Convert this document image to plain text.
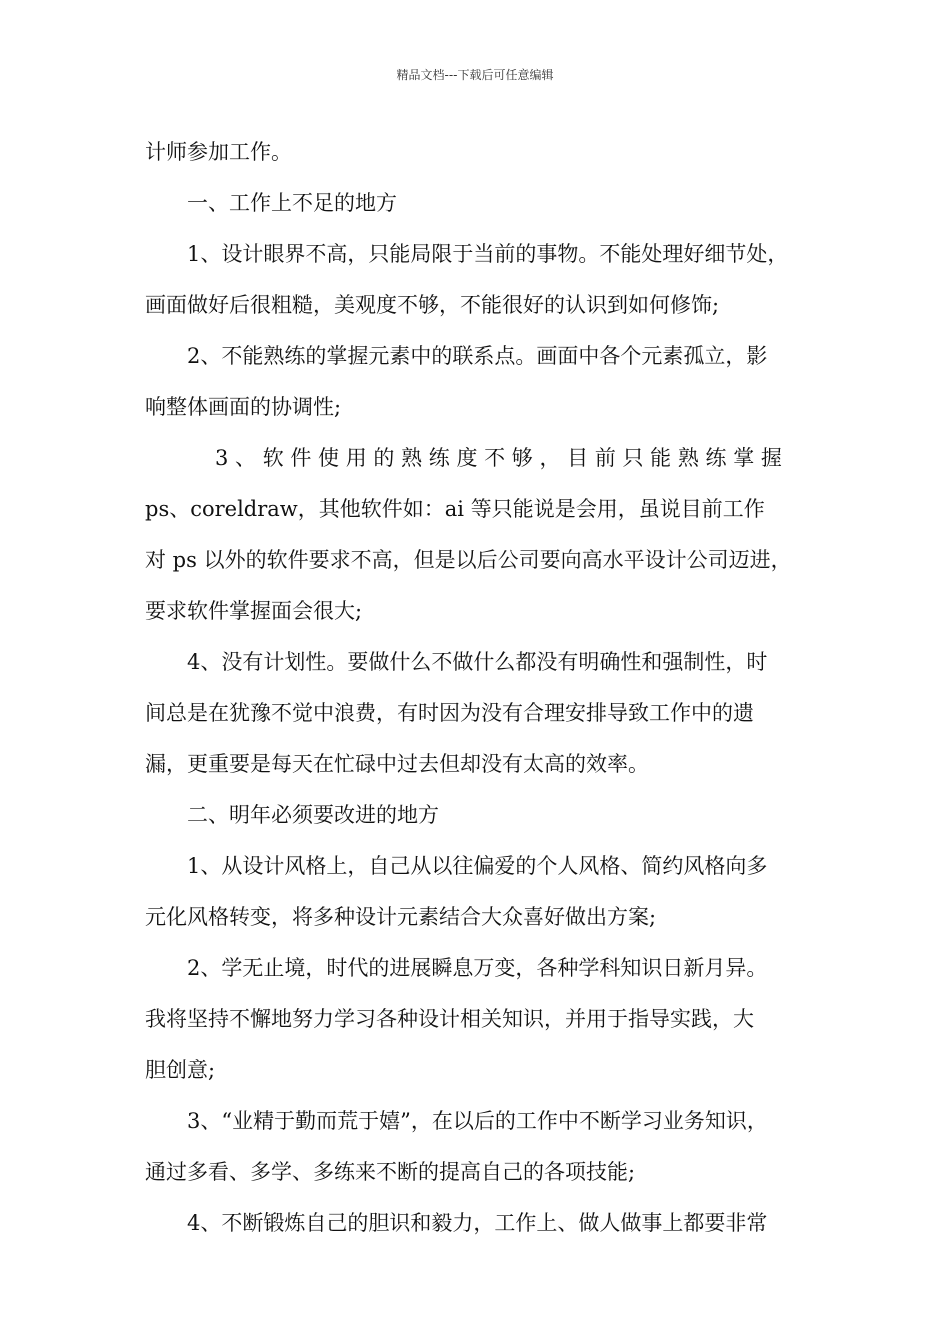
精品文档---下载后可任意编辑
计师参加工作。
一、工作上不足的地方
1、设计眼界不高，只能局限于当前的事物。不能处理好细节处，
画面做好后很粗糙，美观度不够，不能很好的认识到如何修饰;
2、不能熟练的掌握元素中的联系点。画面中各个元素孤立，影
响整体画面的协调性;
3 、 软 件 使 用 的 熟 练 度 不 够 ， 目 前 只 能 熟 练 掌 握
ps、coreldraw，其他软件如：ai 等只能说是会用，虽说目前工作
对 ps 以外的软件要求不高，但是以后公司要向高水平设计公司迈进，
要求软件掌握面会很大;
4、没有计划性。要做什么不做什么都没有明确性和强制性，时
间总是在犹豫不觉中浪费，有时因为没有合理安排导致工作中的遗
漏，更重要是每天在忙碌中过去但却没有太高的效率。
二、明年必须要改进的地方
1、从设计风格上，自己从以往偏爱的个人风格、简约风格向多
元化风格转变，将多种设计元素结合大众喜好做出方案;
2、学无止境，时代的进展瞬息万变，各种学科知识日新月异。
我将坚持不懈地努力学习各种设计相关知识，并用于指导实践，大
胆创意;
3、“业精于勤而荒于嬉”，在以后的工作中不断学习业务知识，
通过多看、多学、多练来不断的提高自己的各项技能;
4、不断锻炼自己的胆识和毅力，工作上、做人做事上都要非常
